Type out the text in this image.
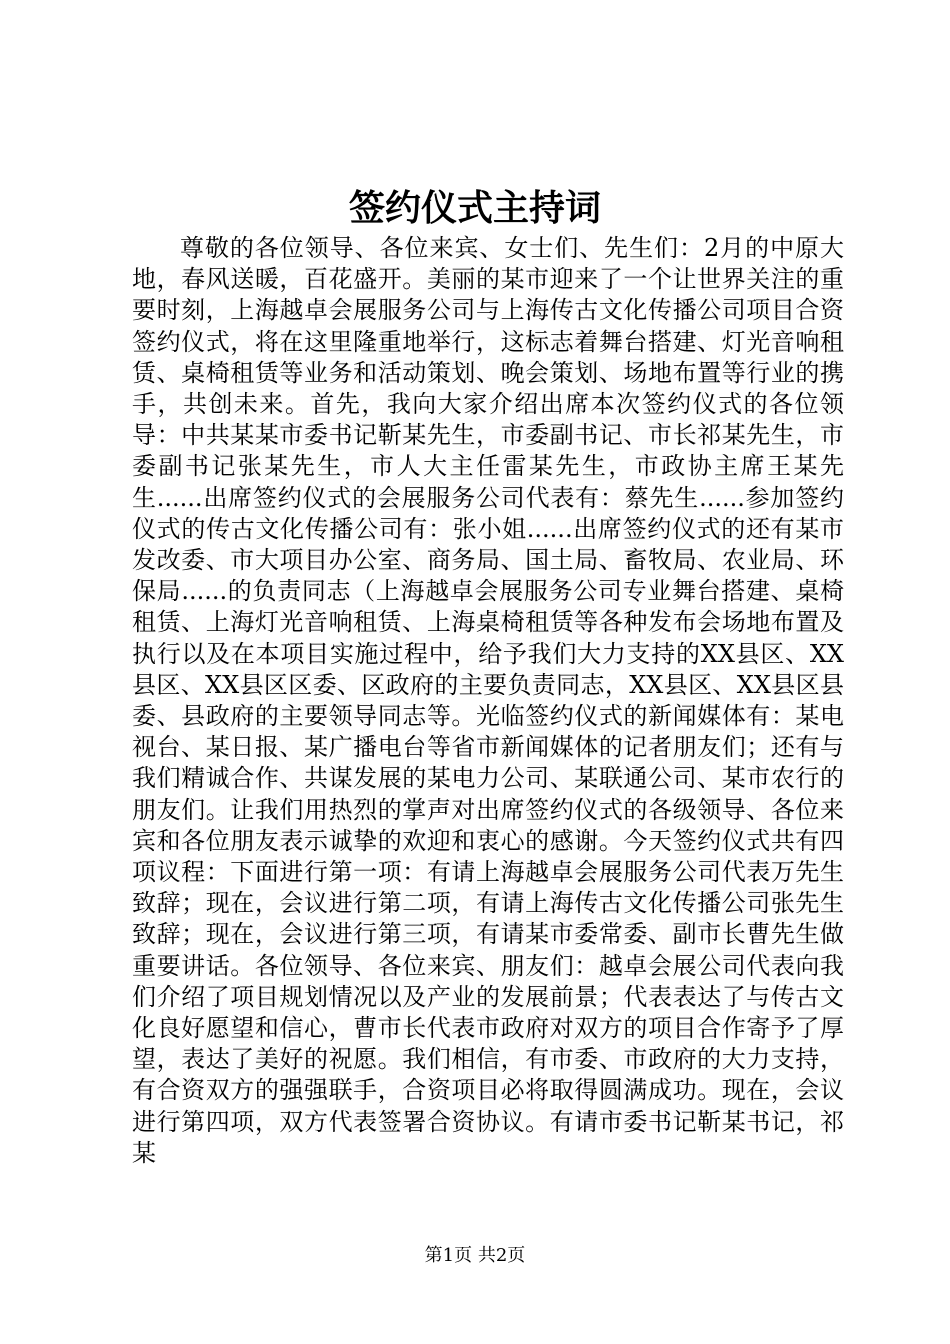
签约仪式主持词

尊敬的各位领导、各位来宾、女士们、先生们：2月的中原大地，春风送暖，百花盛开。美丽的某市迎来了一个让世界关注的重要时刻，上海越卓会展服务公司与上海传古文化传播公司项目合资签约仪式，将在这里隆重地举行，这标志着舞台搭建、灯光音响租赁、桌椅租赁等业务和活动策划、晚会策划、场地布置等行业的携手，共创未来。首先，我向大家介绍出席本次签约仪式的各位领导：中共某某市委书记靳某先生，市委副书记、市长祁某先生，市委副书记张某先生，市人大主任雷某先生，市政协主席王某先生......出席签约仪式的会展服务公司代表有：蔡先生......参加签约仪式的传古文化传播公司有：张小姐......出席签约仪式的还有某市发改委、市大项目办公室、商务局、国土局、畜牧局、农业局、环保局......的负责同志（上海越卓会展服务公司专业舞台搭建、桌椅租赁、上海灯光音响租赁、上海桌椅租赁等各种发布会场地布置及执行以及在本项目实施过程中，给予我们大力支持的XX县区、XX县区、XX县区区委、区政府的主要负责同志，XX县区、XX县区县委、县政府的主要领导同志等。光临签约仪式的新闻媒体有：某电视台、某日报、某广播电台等省市新闻媒体的记者朋友们；还有与我们精诚合作、共谋发展的某电力公司、某联通公司、某市农行的朋友们。让我们用热烈的掌声对出席签约仪式的各级领导、各位来宾和各位朋友表示诚挚的欢迎和衷心的感谢。今天签约仪式共有四项议程：下面进行第一项：有请上海越卓会展服务公司代表万先生致辞；现在，会议进行第二项，有请上海传古文化传播公司张先生致辞；现在，会议进行第三项，有请某市委常委、副市长曹先生做重要讲话。各位领导、各位来宾、朋友们：越卓会展公司代表向我们介绍了项目规划情况以及产业的发展前景；代表表达了与传古文化良好愿望和信心，曹市长代表市政府对双方的项目合作寄予了厚望，表达了美好的祝愿。我们相信，有市委、市政府的大力支持，有合资双方的强强联手，合资项目必将取得圆满成功。现在，会议进行第四项，双方代表签署合资协议。有请市委书记靳某书记，祁某

第1页 共2页
